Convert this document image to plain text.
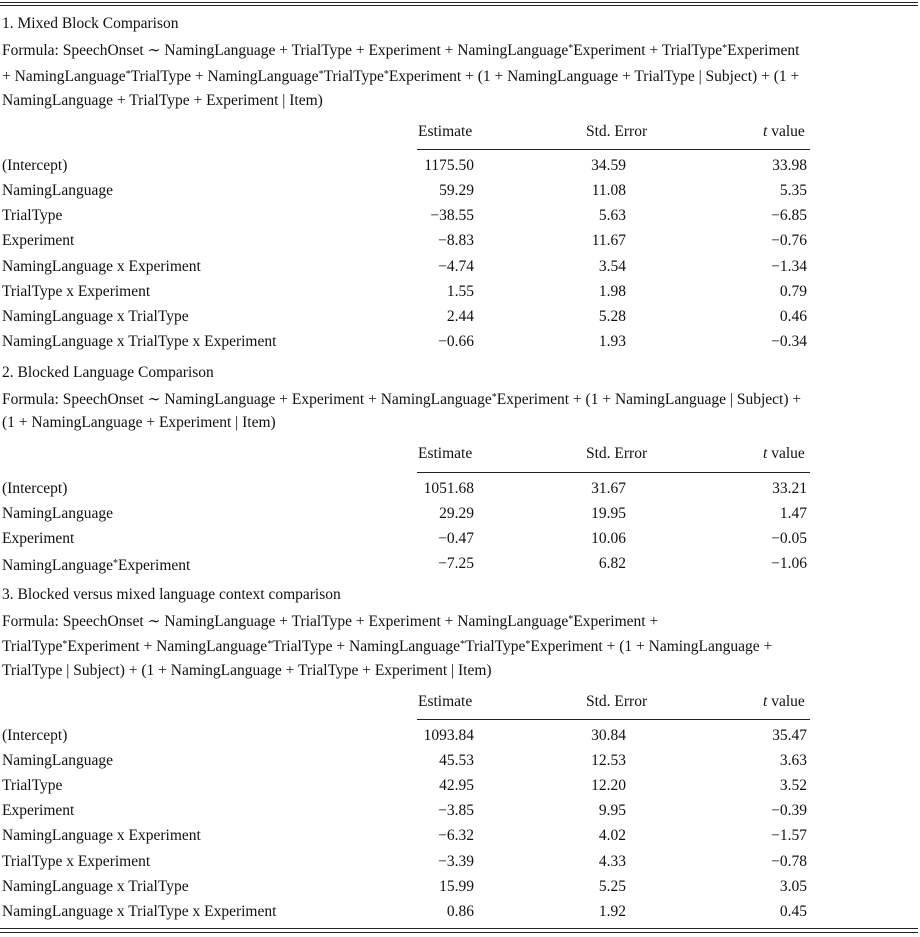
1. Mixed Block Comparison
Formula: SpeechOnset ∼ NamingLanguage + TrialType + Experiment + NamingLanguage*Experiment + TrialType*Experiment
+ NamingLanguage*TrialType + NamingLanguage*TrialType*Experiment + (1 + NamingLanguage + TrialType | Subject) + (1 +
NamingLanguage + TrialType + Experiment | Item)
Estimate	Std. Error	t value
(Intercept)	1175.50	34.59	33.98
NamingLanguage	59.29	11.08	5.35
TrialType	−38.55	5.63	−6.85
Experiment	−8.83	11.67	−0.76
NamingLanguage x Experiment	−4.74	3.54	−1.34
TrialType x Experiment	1.55	1.98	0.79
NamingLanguage x TrialType	2.44	5.28	0.46
NamingLanguage x TrialType x Experiment	−0.66	1.93	−0.34
2. Blocked Language Comparison
Formula: SpeechOnset ∼ NamingLanguage + Experiment + NamingLanguage*Experiment + (1 + NamingLanguage | Subject) +
(1 + NamingLanguage + Experiment | Item)
Estimate	Std. Error	t value
(Intercept)	1051.68	31.67	33.21
NamingLanguage	29.29	19.95	1.47
Experiment	−0.47	10.06	−0.05
NamingLanguage*Experiment	−7.25	6.82	−1.06
3. Blocked versus mixed language context comparison
Formula: SpeechOnset ∼ NamingLanguage + TrialType + Experiment + NamingLanguage*Experiment +
TrialType*Experiment + NamingLanguage*TrialType + NamingLanguage*TrialType*Experiment + (1 + NamingLanguage +
TrialType | Subject) + (1 + NamingLanguage + TrialType + Experiment | Item)
Estimate	Std. Error	t value
(Intercept)	1093.84	30.84	35.47
NamingLanguage	45.53	12.53	3.63
TrialType	42.95	12.20	3.52
Experiment	−3.85	9.95	−0.39
NamingLanguage x Experiment	−6.32	4.02	−1.57
TrialType x Experiment	−3.39	4.33	−0.78
NamingLanguage x TrialType	15.99	5.25	3.05
NamingLanguage x TrialType x Experiment	0.86	1.92	0.45
